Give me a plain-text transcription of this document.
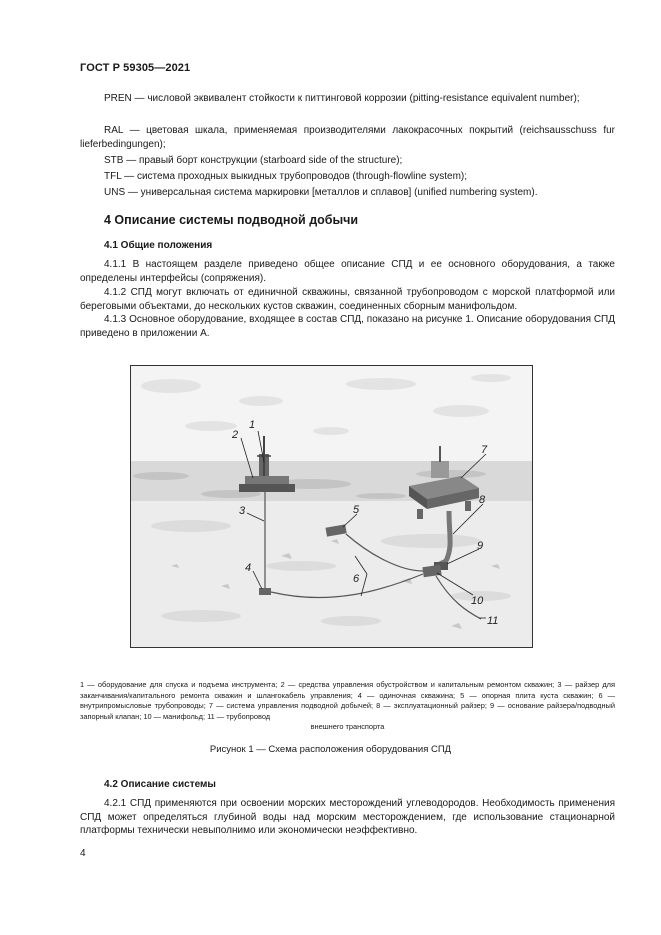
ГОСТ Р 59305—2021
PREN — числовой эквивалент стойкости к питтинговой коррозии (pitting-resistance equivalent number);
RAL — цветовая шкала, применяемая производителями лакокрасочных покрытий (reichsausschuss fur lieferbedingungen);
STB — правый борт конструкции (starboard side of the structure);
TFL — система проходных выкидных трубопроводов (through-flowline system);
UNS — универсальная система маркировки [металлов и сплавов] (unified numbering system).
4 Описание системы подводной добычи
4.1 Общие положения
4.1.1 В настоящем разделе приведено общее описание СПД и ее основного оборудования, а также определены интерфейсы (сопряжения).
4.1.2 СПД могут включать от единичной скважины, связанной трубопроводом с морской платформой или береговыми объектами, до нескольких кустов скважин, соединенных сборным манифольдом.
4.1.3 Основное оборудование, входящее в состав СПД, показано на рисунке 1. Описание оборудования СПД приведено в приложении А.
1
2
3
4
5
6
7
8
9
10
11
1 — оборудование для спуска и подъема инструмента; 2 — средства управления обустройством и капитальным ремонтом скважин; 3 — райзер для заканчивания/капитального ремонта скважин и шлангокабель управления; 4 — одиночная скважина; 5 — опорная плита куста скважин; 6 — внутрипромысловые трубопроводы; 7 — система управления подводной добычей; 8 — эксплуатационный райзер; 9 — основание райзера/подводный запорный клапан; 10 — манифольд; 11 — трубопровод
внешнего транспорта
Рисунок 1 — Схема расположения оборудования СПД
4.2 Описание системы
4.2.1 СПД применяются при освоении морских месторождений углеводородов. Необходимость применения СПД может определяться глубиной воды над морским месторождением, где использование стационарной платформы технически невыполнимо или экономически неэффективно.
4
